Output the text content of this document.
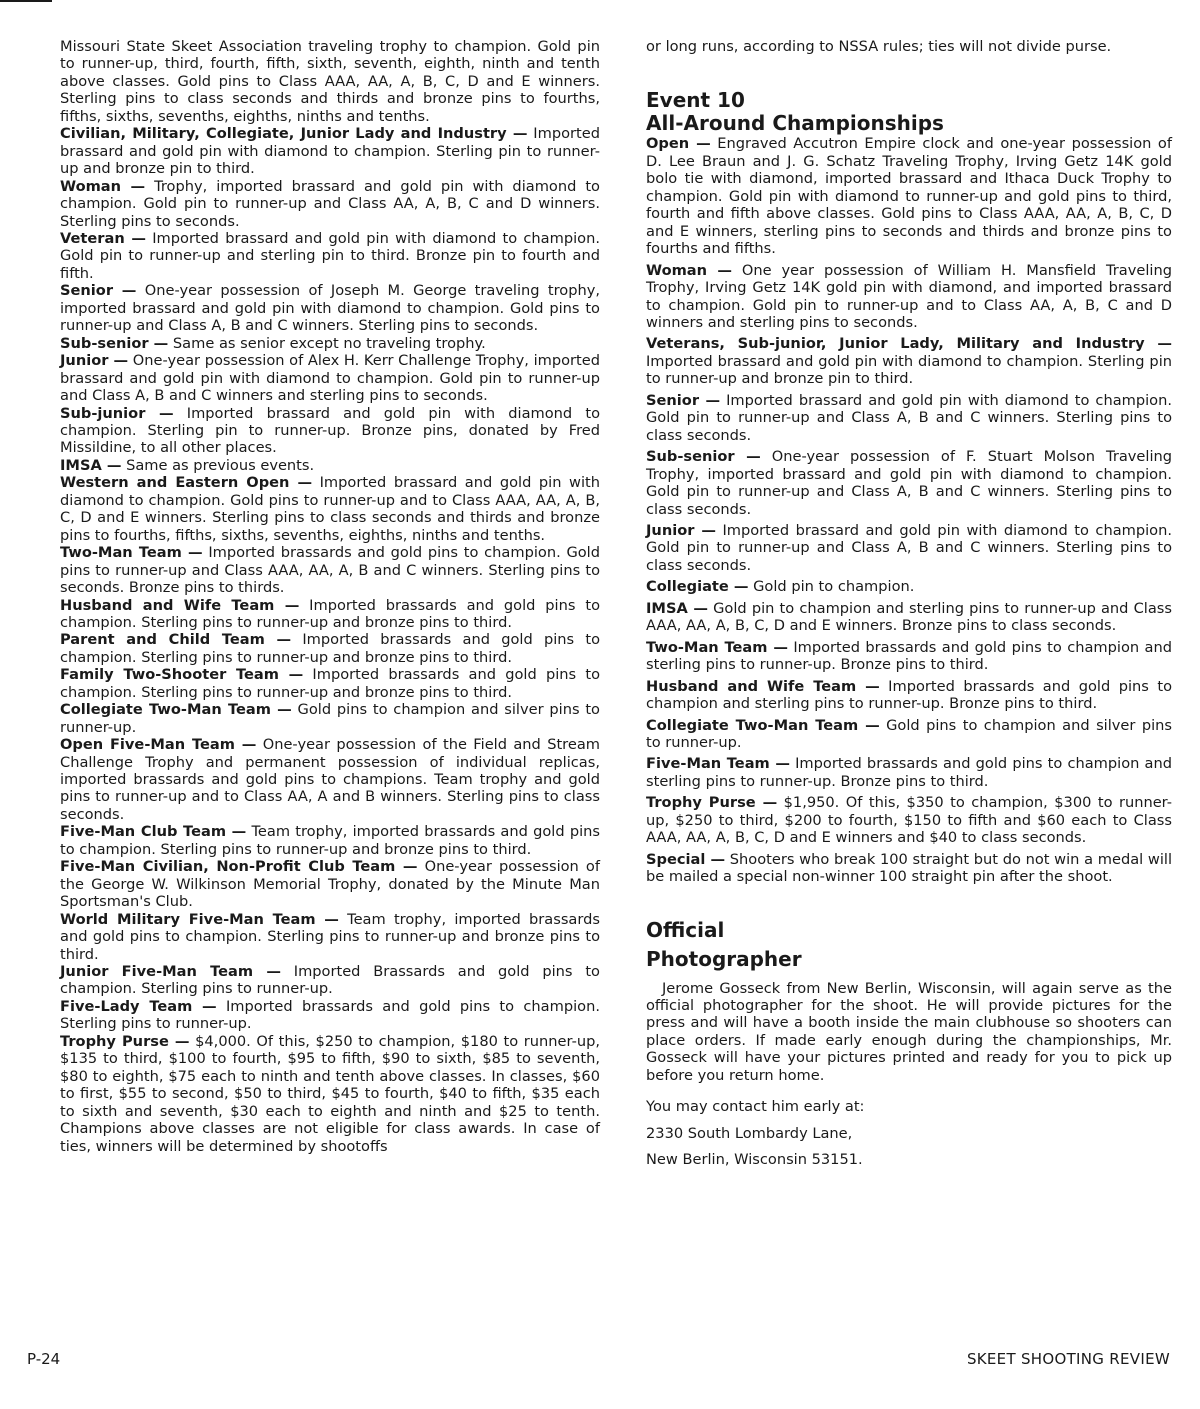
Missouri State Skeet Association traveling trophy to champion. Gold pin to runner-up, third, fourth, fifth, sixth, seventh, eighth, ninth and tenth above classes. Gold pins to Class AAA, AA, A, B, C, D and E winners. Sterling pins to class seconds and thirds and bronze pins to fourths, fifths, sixths, sevenths, eighths, ninths and tenths.

Civilian, Military, Collegiate, Junior Lady and Industry — Imported brassard and gold pin with diamond to champion. Sterling pin to runner-up and bronze pin to third.

Woman — Trophy, imported brassard and gold pin with diamond to champion. Gold pin to runner-up and Class AA, A, B, C and D winners. Sterling pins to seconds.

Veteran — Imported brassard and gold pin with diamond to champion. Gold pin to runner-up and sterling pin to third. Bronze pin to fourth and fifth.

Senior — One-year possession of Joseph M. George traveling trophy, imported brassard and gold pin with diamond to champion. Gold pins to runner-up and Class A, B and C winners. Sterling pins to seconds.

Sub-senior — Same as senior except no traveling trophy.

Junior — One-year possession of Alex H. Kerr Challenge Trophy, imported brassard and gold pin with diamond to champion. Gold pin to runner-up and Class A, B and C winners and sterling pins to seconds.

Sub-junior — Imported brassard and gold pin with diamond to champion. Sterling pin to runner-up. Bronze pins, donated by Fred Missildine, to all other places.

IMSA — Same as previous events.

Western and Eastern Open — Imported brassard and gold pin with diamond to champion. Gold pins to runner-up and to Class AAA, AA, A, B, C, D and E winners. Sterling pins to class seconds and thirds and bronze pins to fourths, fifths, sixths, sevenths, eighths, ninths and tenths.

Two-Man Team — Imported brassards and gold pins to champion. Gold pins to runner-up and Class AAA, AA, A, B and C winners. Sterling pins to seconds. Bronze pins to thirds.

Husband and Wife Team — Imported brassards and gold pins to champion. Sterling pins to runner-up and bronze pins to third.

Parent and Child Team — Imported brassards and gold pins to champion. Sterling pins to runner-up and bronze pins to third.

Family Two-Shooter Team — Imported brassards and gold pins to champion. Sterling pins to runner-up and bronze pins to third.

Collegiate Two-Man Team — Gold pins to champion and silver pins to runner-up.

Open Five-Man Team — One-year possession of the Field and Stream Challenge Trophy and permanent possession of individual replicas, imported brassards and gold pins to champions. Team trophy and gold pins to runner-up and to Class AA, A and B winners. Sterling pins to class seconds.

Five-Man Club Team — Team trophy, imported brassards and gold pins to champion. Sterling pins to runner-up and bronze pins to third.

Five-Man Civilian, Non-Profit Club Team — One-year possession of the George W. Wilkinson Memorial Trophy, donated by the Minute Man Sportsman's Club.

World Military Five-Man Team — Team trophy, imported brassards and gold pins to champion. Sterling pins to runner-up and bronze pins to third.

Junior Five-Man Team — Imported Brassards and gold pins to champion. Sterling pins to runner-up.

Five-Lady Team — Imported brassards and gold pins to champion. Sterling pins to runner-up.

Trophy Purse — $4,000. Of this, $250 to champion, $180 to runner-up, $135 to third, $100 to fourth, $95 to fifth, $90 to sixth, $85 to seventh, $80 to eighth, $75 each to ninth and tenth above classes. In classes, $60 to first, $55 to second, $50 to third, $45 to fourth, $40 to fifth, $35 each to sixth and seventh, $30 each to eighth and ninth and $25 to tenth. Champions above classes are not eligible for class awards. In case of ties, winners will be determined by shootoffs

or long runs, according to NSSA rules; ties will not divide purse.

Event 10
All-Around Championships

Open — Engraved Accutron Empire clock and one-year possession of D. Lee Braun and J. G. Schatz Traveling Trophy, Irving Getz 14K gold bolo tie with diamond, imported brassard and Ithaca Duck Trophy to champion. Gold pin with diamond to runner-up and gold pins to third, fourth and fifth above classes. Gold pins to Class AAA, AA, A, B, C, D and E winners, sterling pins to seconds and thirds and bronze pins to fourths and fifths.

Woman — One year possession of William H. Mansfield Traveling Trophy, Irving Getz 14K gold pin with diamond, and imported brassard to champion. Gold pin to runner-up and to Class AA, A, B, C and D winners and sterling pins to seconds.

Veterans, Sub-junior, Junior Lady, Military and Industry — Imported brassard and gold pin with diamond to champion. Sterling pin to runner-up and bronze pin to third.

Senior — Imported brassard and gold pin with diamond to champion. Gold pin to runner-up and Class A, B and C winners. Sterling pins to class seconds.

Sub-senior — One-year possession of F. Stuart Molson Traveling Trophy, imported brassard and gold pin with diamond to champion. Gold pin to runner-up and Class A, B and C winners. Sterling pins to class seconds.

Junior — Imported brassard and gold pin with diamond to champion. Gold pin to runner-up and Class A, B and C winners. Sterling pins to class seconds.

Collegiate — Gold pin to champion.

IMSA — Gold pin to champion and sterling pins to runner-up and Class AAA, AA, A, B, C, D and E winners. Bronze pins to class seconds.

Two-Man Team — Imported brassards and gold pins to champion and sterling pins to runner-up. Bronze pins to third.

Husband and Wife Team — Imported brassards and gold pins to champion and sterling pins to runner-up. Bronze pins to third.

Collegiate Two-Man Team — Gold pins to champion and silver pins to runner-up.

Five-Man Team — Imported brassards and gold pins to champion and sterling pins to runner-up. Bronze pins to third.

Trophy Purse — $1,950. Of this, $350 to champion, $300 to runner-up, $250 to third, $200 to fourth, $150 to fifth and $60 each to Class AAA, AA, A, B, C, D and E winners and $40 to class seconds.

Special — Shooters who break 100 straight but do not win a medal will be mailed a special non-winner 100 straight pin after the shoot.

Official
Photographer

Jerome Gosseck from New Berlin, Wisconsin, will again serve as the official photographer for the shoot. He will provide pictures for the press and will have a booth inside the main clubhouse so shooters can place orders. If made early enough during the championships, Mr. Gosseck will have your pictures printed and ready for you to pick up before you return home.

You may contact him early at:

2330 South Lombardy Lane,

New Berlin, Wisconsin 53151.

P-24	SKEET SHOOTING REVIEW
